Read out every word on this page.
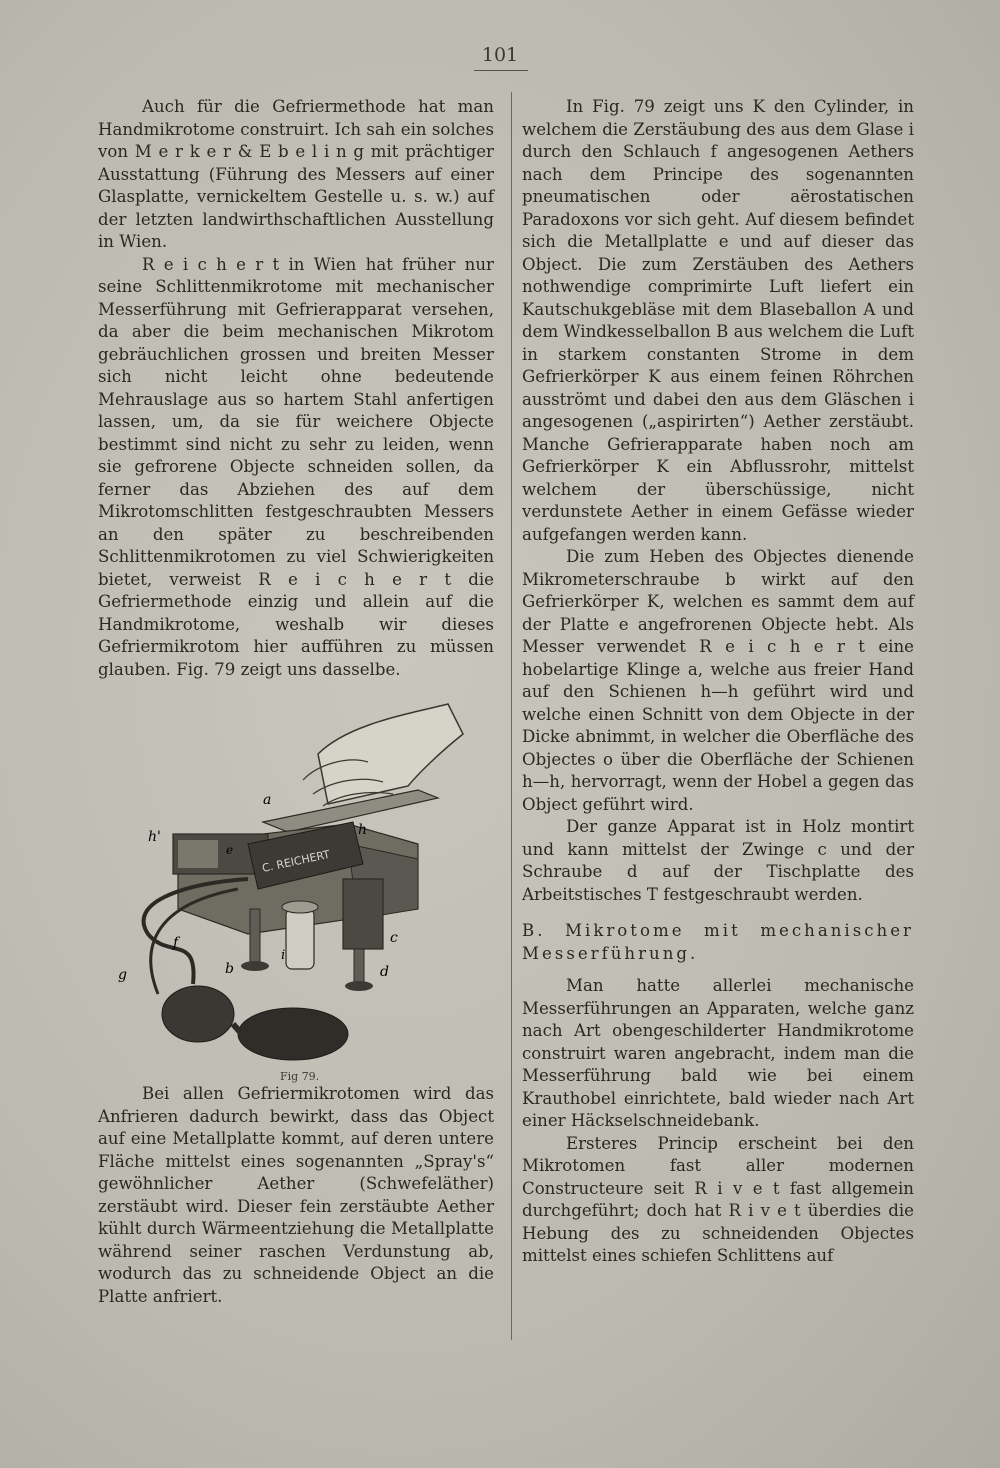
101

Auch für die Gefriermethode hat man Handmikrotome construirt. Ich sah ein solches von M e r k e r & E b e l i n g mit prächtiger Ausstattung (Führung des Messers auf einer Glasplatte, vernickeltem Gestelle u. s. w.) auf der letzten landwirthschaftlichen Ausstellung in Wien.

R e i c h e r t in Wien hat früher nur seine Schlittenmikrotome mit mechanischer Messerführung mit Gefrierapparat versehen, da aber die beim mechanischen Mikrotom gebräuchlichen grossen und breiten Messer sich nicht leicht ohne bedeutende Mehrauslage aus so hartem Stahl anfertigen lassen, um, da sie für weichere Objecte bestimmt sind nicht zu sehr zu leiden, wenn sie gefrorene Objecte schneiden sollen, da ferner das Abziehen des auf dem Mikrotomschlitten festgeschraubten Messers an den später zu beschreibenden Schlittenmikrotomen zu viel Schwierigkeiten bietet, verweist R e i c h e r t die Gefriermethode einzig und allein auf die Handmikrotome, weshalb wir dieses Gefriermikrotom hier aufführen zu müssen glauben. Fig. 79 zeigt uns dasselbe.

C. REICHERT
a
h'
e
h
f
g
i
b
c
d
Fig 79.

Bei allen Gefriermikrotomen wird das Anfrieren dadurch bewirkt, dass das Object auf eine Metallplatte kommt, auf deren untere Fläche mittelst eines sogenannten „Spray's“ gewöhnlicher Aether (Schwefeläther) zerstäubt wird. Dieser fein zerstäubte Aether kühlt durch Wärmeentziehung die Metallplatte während seiner raschen Verdunstung ab, wodurch das zu schneidende Object an die Platte anfriert.

In Fig. 79 zeigt uns K den Cylinder, in welchem die Zerstäubung des aus dem Glase i durch den Schlauch f angesogenen Aethers nach dem Principe des sogenannten pneumatischen oder aërostatischen Paradoxons vor sich geht. Auf diesem befindet sich die Metallplatte e und auf dieser das Object. Die zum Zerstäuben des Aethers nothwendige comprimirte Luft liefert ein Kautschukgebläse mit dem Blaseballon A und dem Windkesselballon B aus welchem die Luft in starkem constanten Strome in dem Gefrierkörper K aus einem feinen Röhrchen ausströmt und dabei den aus dem Gläschen i angesogenen („aspirirten“) Aether zerstäubt. Manche Gefrierapparate haben noch am Gefrierkörper K ein Abflussrohr, mittelst welchem der überschüssige, nicht verdunstete Aether in einem Gefässe wieder aufgefangen werden kann.

Die zum Heben des Objectes dienende Mikrometerschraube b wirkt auf den Gefrierkörper K, welchen es sammt dem auf der Platte e angefrorenen Objecte hebt. Als Messer verwendet R e i c h e r t eine hobelartige Klinge a, welche aus freier Hand auf den Schienen h—h geführt wird und welche einen Schnitt von dem Objecte in der Dicke abnimmt, in welcher die Oberfläche des Objectes o über die Oberfläche der Schienen h—h, hervorragt, wenn der Hobel a gegen das Object geführt wird.

Der ganze Apparat ist in Holz montirt und kann mittelst der Zwinge c und der Schraube d auf der Tischplatte des Arbeitstisches T festgeschraubt werden.

B. Mikrotome mit mechanischer Messerführung.

Man hatte allerlei mechanische Messerführungen an Apparaten, welche ganz nach Art obengeschilderter Handmikrotome construirt waren angebracht, indem man die Messerführung bald wie bei einem Krauthobel einrichtete, bald wieder nach Art einer Häckselschneidebank.

Ersteres Princip erscheint bei den Mikrotomen fast aller modernen Constructeure seit R i v e t fast allgemein durchgeführt; doch hat R i v e t überdies die Hebung des zu schneidenden Objectes mittelst eines schiefen Schlittens auf
